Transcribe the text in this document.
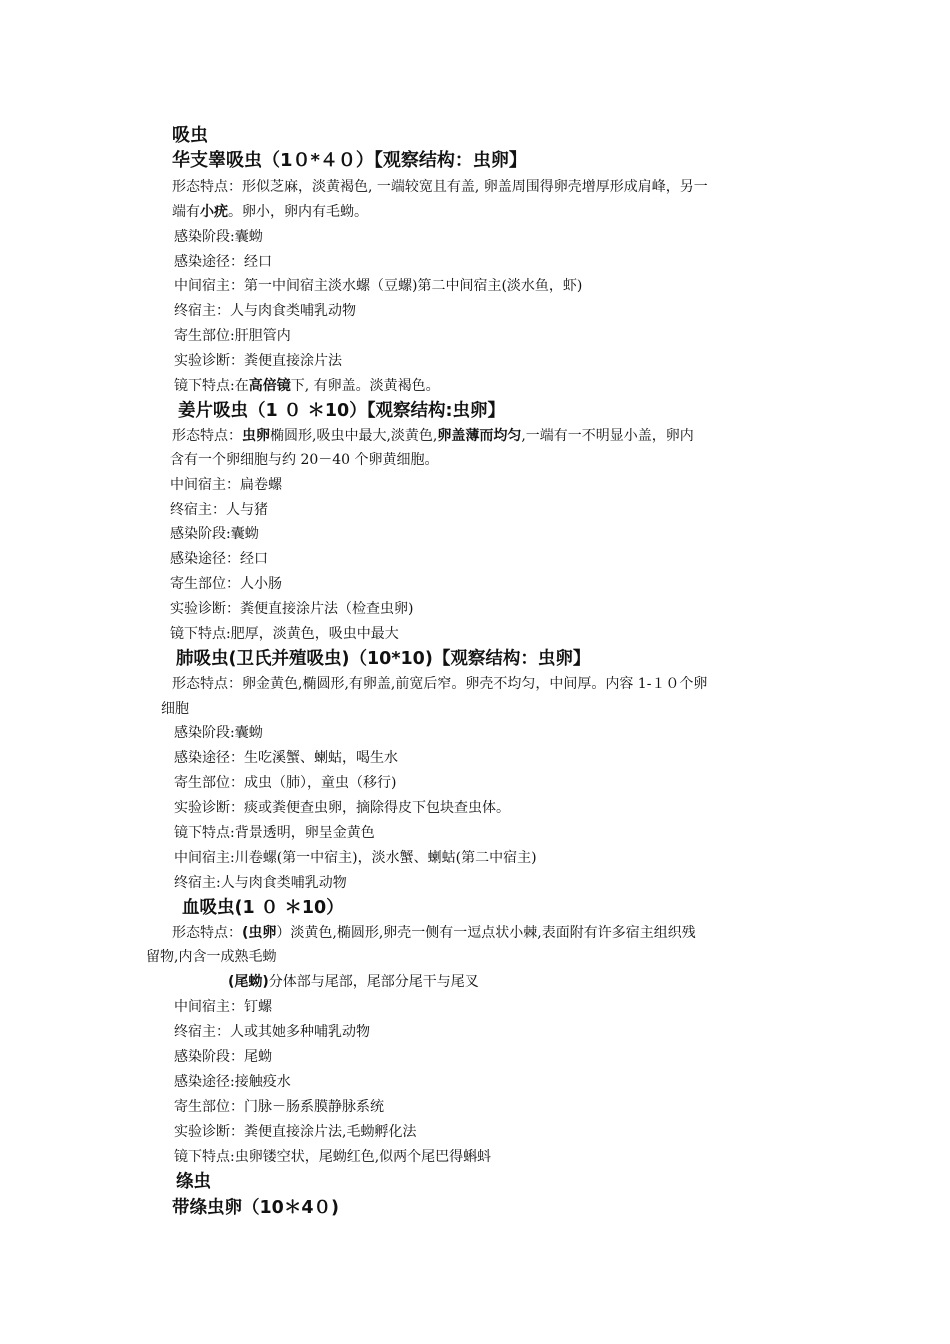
吸虫
华支睾吸虫（1０*４０）【观察结构：虫卵】
形态特点：形似芝麻，淡黄褐色, 一端较宽且有盖, 卵盖周围得卵壳增厚形成肩峰，另一
端有小疣。卵小，卵内有毛蚴。
感染阶段:囊蚴
感染途径：经口
中间宿主：第一中间宿主淡水螺（豆螺)第二中间宿主(淡水鱼，虾)
终宿主：人与肉食类哺乳动物
寄生部位:肝胆管内
实验诊断：粪便直接涂片法
镜下特点:在高倍镜下, 有卵盖。淡黄褐色。
姜片吸虫（1 ０ ＊10）【观察结构:虫卵】
形态特点：虫卵椭圆形,吸虫中最大,淡黄色,卵盖薄而均匀,一端有一不明显小盖，卵内
含有一个卵细胞与约 20－40 个卵黄细胞。
中间宿主：扁卷螺
终宿主：人与猪
感染阶段:囊蚴
感染途径：经口
寄生部位：人小肠
实验诊断：粪便直接涂片法（检查虫卵)
镜下特点:肥厚，淡黄色，吸虫中最大
肺吸虫(卫氏并殖吸虫)（10*10)【观察结构：虫卵】
形态特点：卵金黄色,椭圆形,有卵盖,前宽后窄。卵壳不均匀，中间厚。内容 1-１０个卵
细胞
感染阶段:囊蚴
感染途径：生吃溪蟹、蝲蛄，喝生水
寄生部位：成虫（肺），童虫（移行)
实验诊断：痰或粪便查虫卵，摘除得皮下包块查虫体。
镜下特点:背景透明，卵呈金黄色
中间宿主:川卷螺(第一中宿主)，淡水蟹、蝲蛄(第二中宿主)
终宿主:人与肉食类哺乳动物
血吸虫(1 ０ ＊10）
形态特点：(虫卵）淡黄色,椭圆形,卵壳一侧有一逗点状小棘,表面附有许多宿主组织残
留物,内含一成熟毛蚴
(尾蚴)分体部与尾部，尾部分尾干与尾叉
中间宿主：钉螺
终宿主：人或其她多种哺乳动物
感染阶段：尾蚴
感染途径:接触疫水
寄生部位：门脉－肠系膜静脉系统
实验诊断：粪便直接涂片法,毛蚴孵化法
镜下特点:虫卵镂空状，尾蚴红色,似两个尾巴得蝌蚪
绦虫
带绦虫卵（10＊4０)
